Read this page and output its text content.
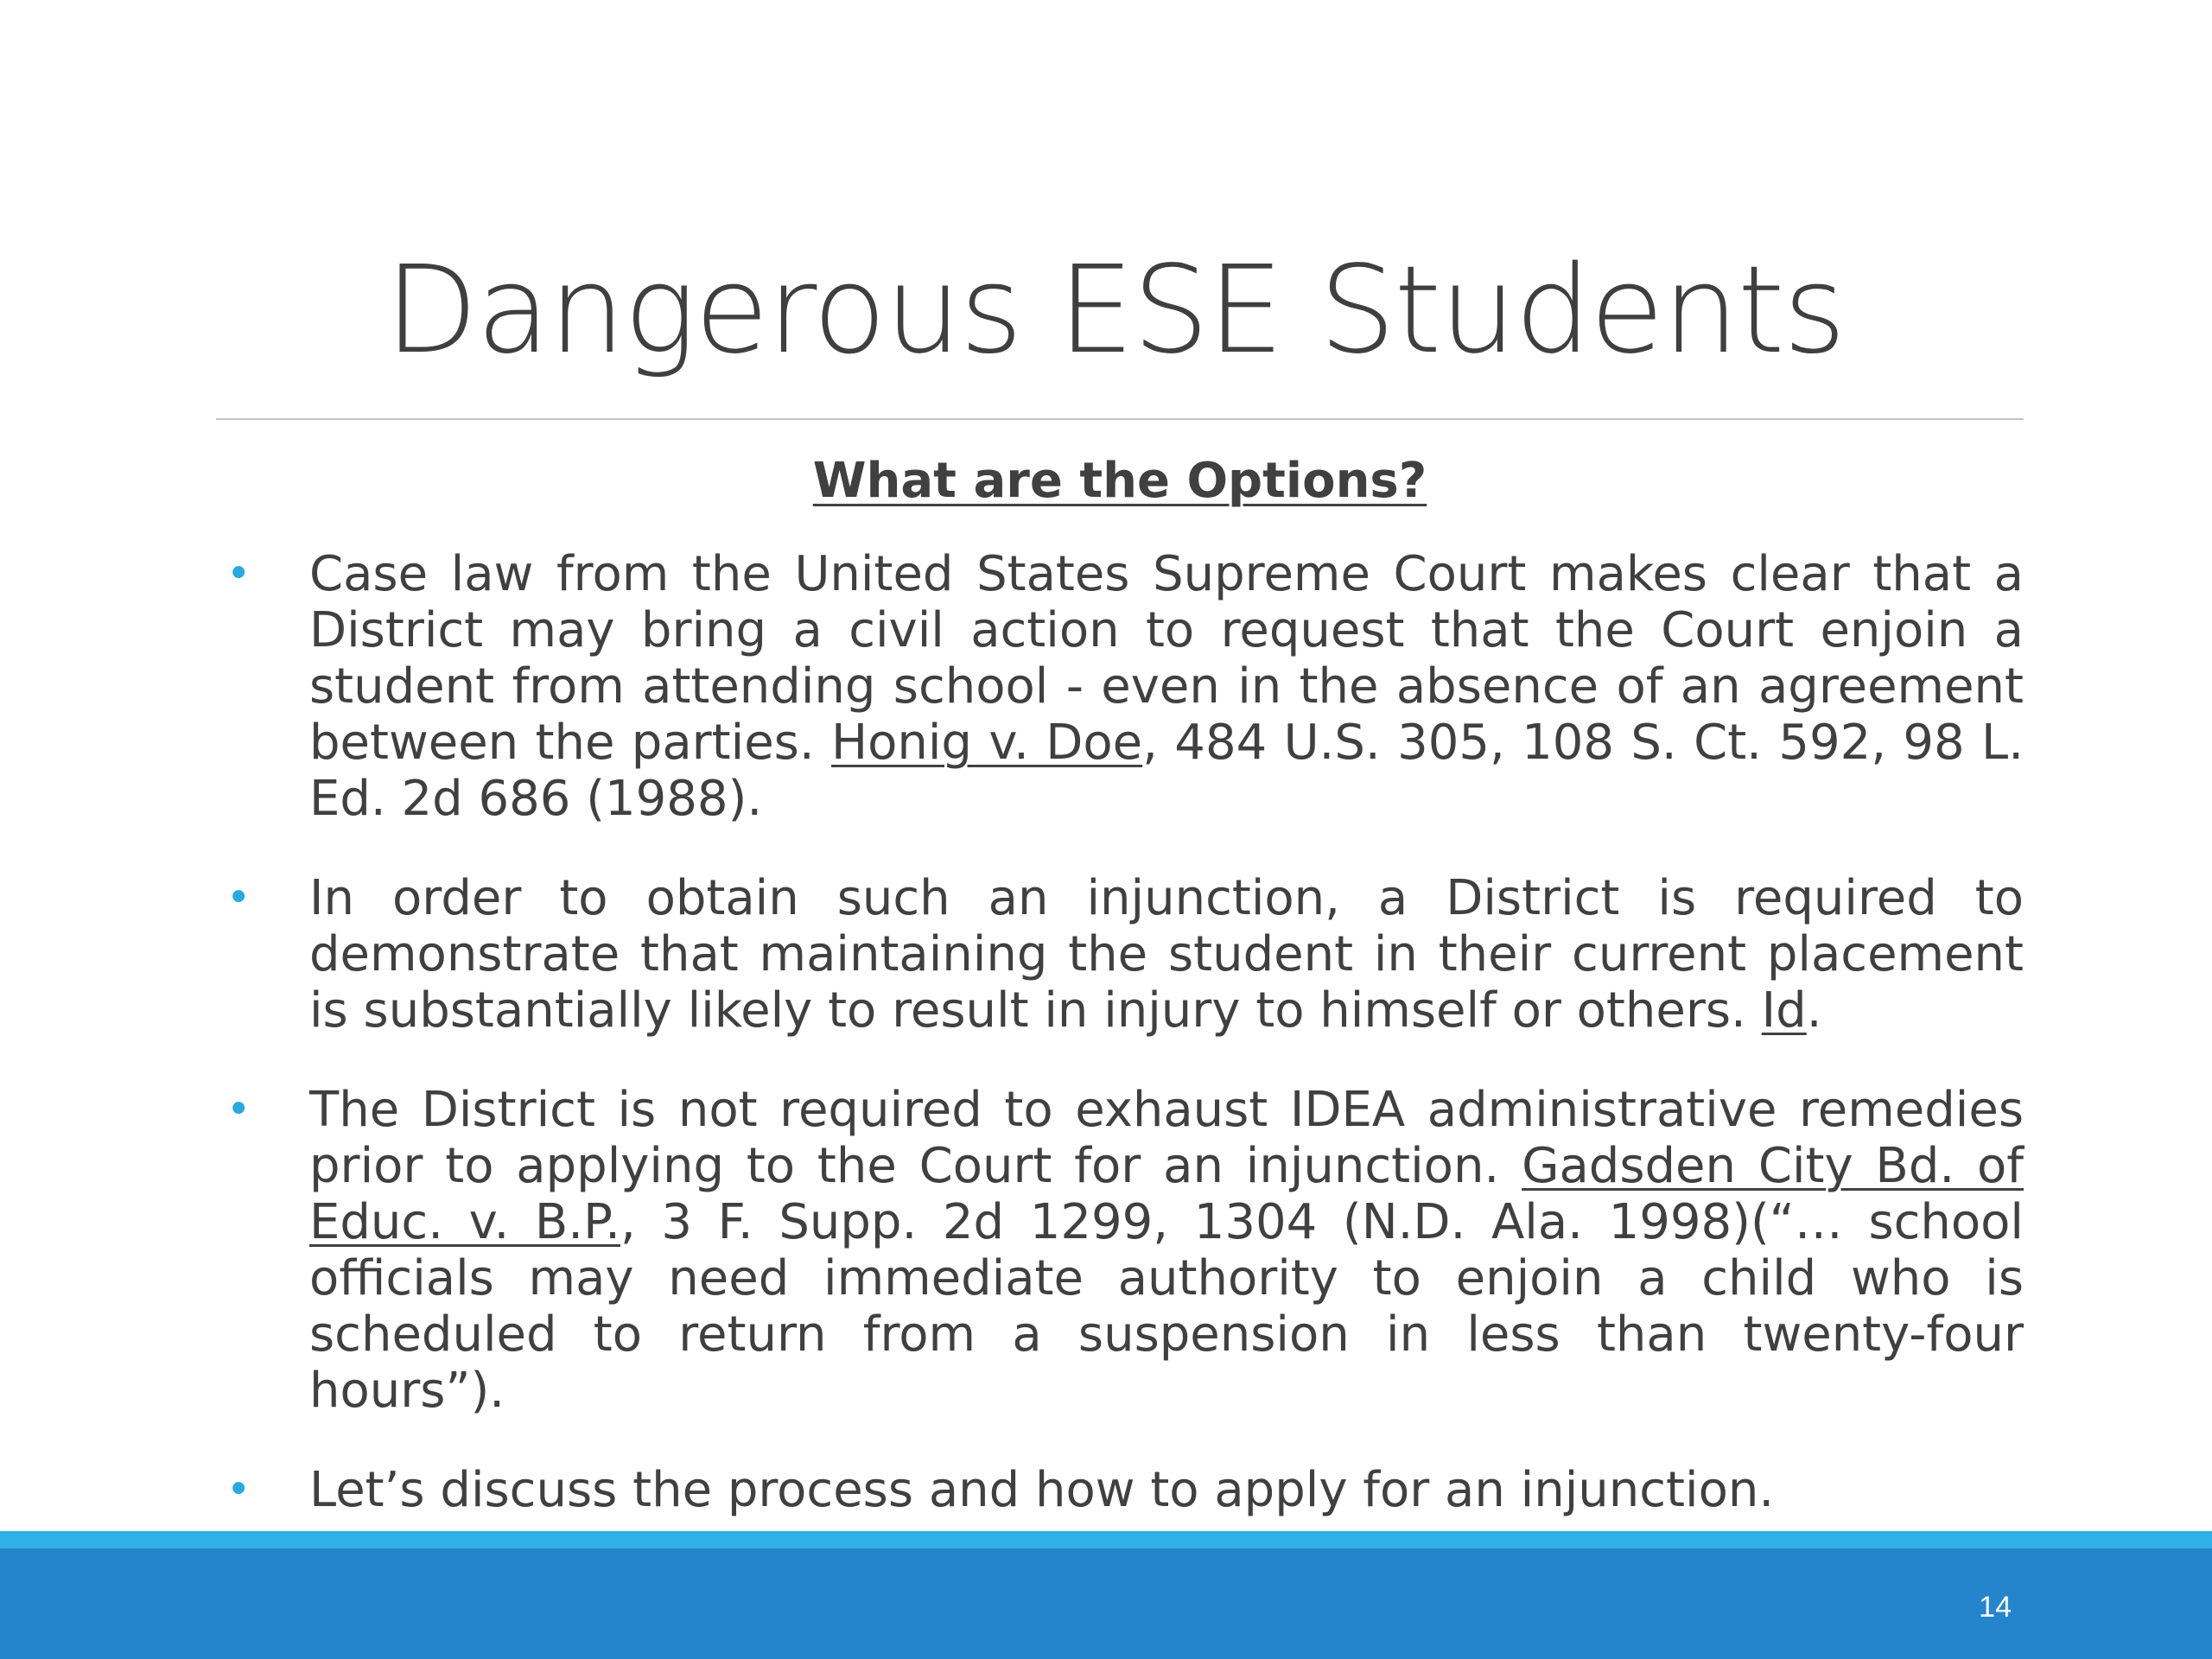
Dangerous ESE Students
What are the Options?
• Case law from the United States Supreme Court makes clear that a District may bring a civil action to request that the Court enjoin a student from attending school - even in the absence of an agreement between the parties. Honig v. Doe, 484 U.S. 305, 108 S. Ct. 592, 98 L. Ed. 2d 686 (1988).
• In order to obtain such an injunction, a District is required to demonstrate that maintaining the student in their current placement is substantially likely to result in injury to himself or others. Id.
• The District is not required to exhaust IDEA administrative remedies prior to applying to the Court for an injunction. Gadsden City Bd. of Educ. v. B.P., 3 F. Supp. 2d 1299, 1304 (N.D. Ala. 1998)(“… school officials may need immediate authority to enjoin a child who is scheduled to return from a suspension in less than twenty-four hours”).
• Let’s discuss the process and how to apply for an injunction.
14
